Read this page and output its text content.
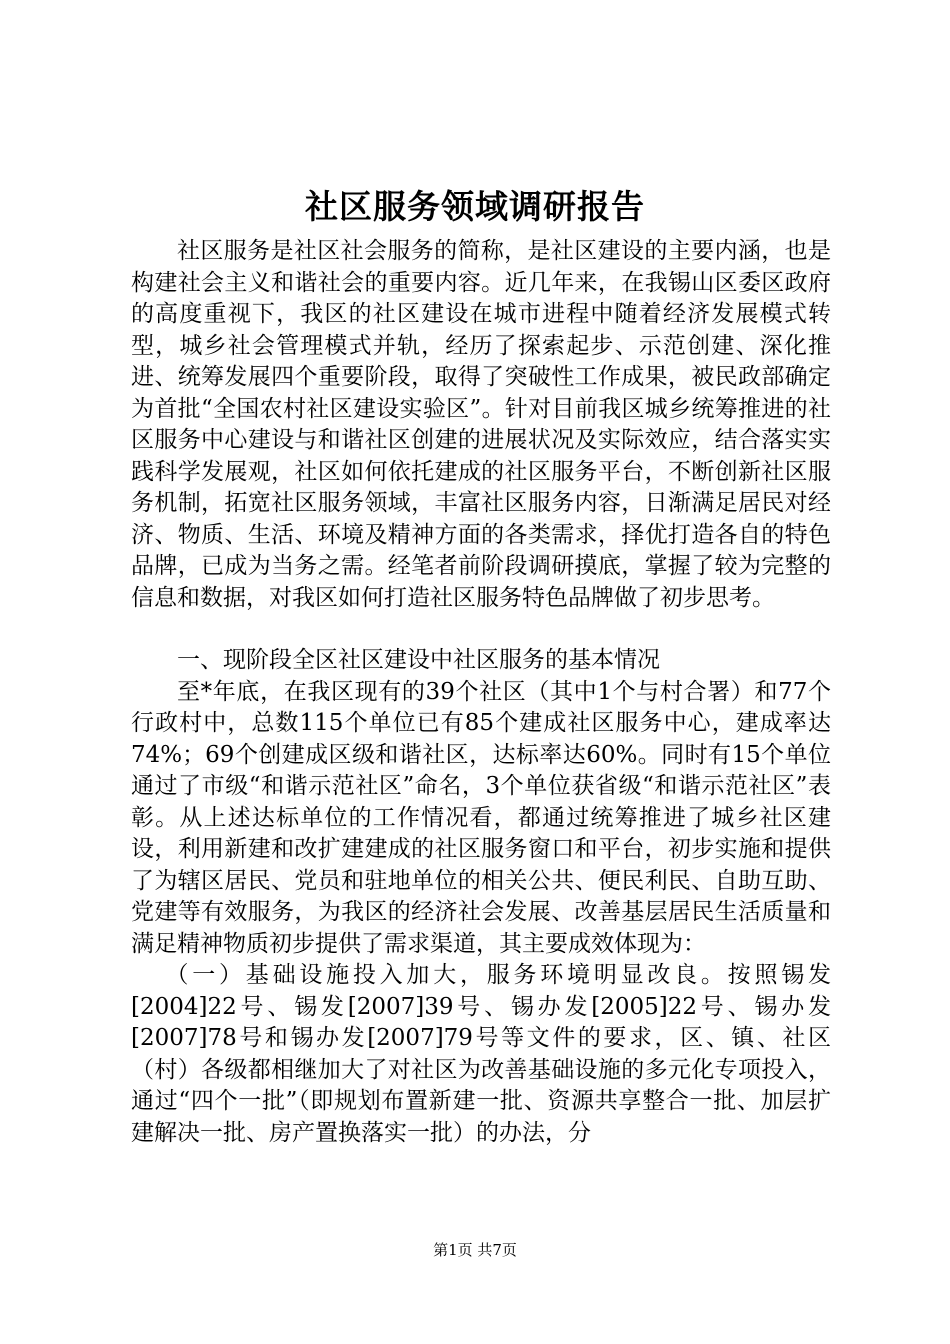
社区服务领域调研报告

社区服务是社区社会服务的简称，是社区建设的主要内涵，也是构建社会主义和谐社会的重要内容。近几年来，在我锡山区委区政府的高度重视下，我区的社区建设在城市进程中随着经济发展模式转型，城乡社会管理模式并轨，经历了探索起步、示范创建、深化推进、统筹发展四个重要阶段，取得了突破性工作成果，被民政部确定为首批“全国农村社区建设实验区”。针对目前我区城乡统筹推进的社区服务中心建设与和谐社区创建的进展状况及实际效应，结合落实实践科学发展观，社区如何依托建成的社区服务平台，不断创新社区服务机制，拓宽社区服务领域，丰富社区服务内容，日渐满足居民对经济、物质、生活、环境及精神方面的各类需求，择优打造各自的特色品牌，已成为当务之需。经笔者前阶段调研摸底，掌握了较为完整的信息和数据，对我区如何打造社区服务特色品牌做了初步思考。

一、现阶段全区社区建设中社区服务的基本情况

至*年底，在我区现有的39个社区（其中1个与村合署）和77个行政村中，总数115个单位已有85个建成社区服务中心，建成率达74%；69个创建成区级和谐社区，达标率达60%。同时有15个单位通过了市级“和谐示范社区”命名，3个单位获省级“和谐示范社区”表彰。从上述达标单位的工作情况看，都通过统筹推进了城乡社区建设，利用新建和改扩建建成的社区服务窗口和平台，初步实施和提供了为辖区居民、党员和驻地单位的相关公共、便民利民、自助互助、党建等有效服务，为我区的经济社会发展、改善基层居民生活质量和满足精神物质初步提供了需求渠道，其主要成效体现为：

（一）基础设施投入加大，服务环境明显改良。按照锡发[2004]22号、锡发[2007]39号、锡办发[2005]22号、锡办发[2007]78号和锡办发[2007]79号等文件的要求，区、镇、社区（村）各级都相继加大了对社区为改善基础设施的多元化专项投入，通过“四个一批”（即规划布置新建一批、资源共享整合一批、加层扩建解决一批、房产置换落实一批）的办法，分

第1页 共7页
